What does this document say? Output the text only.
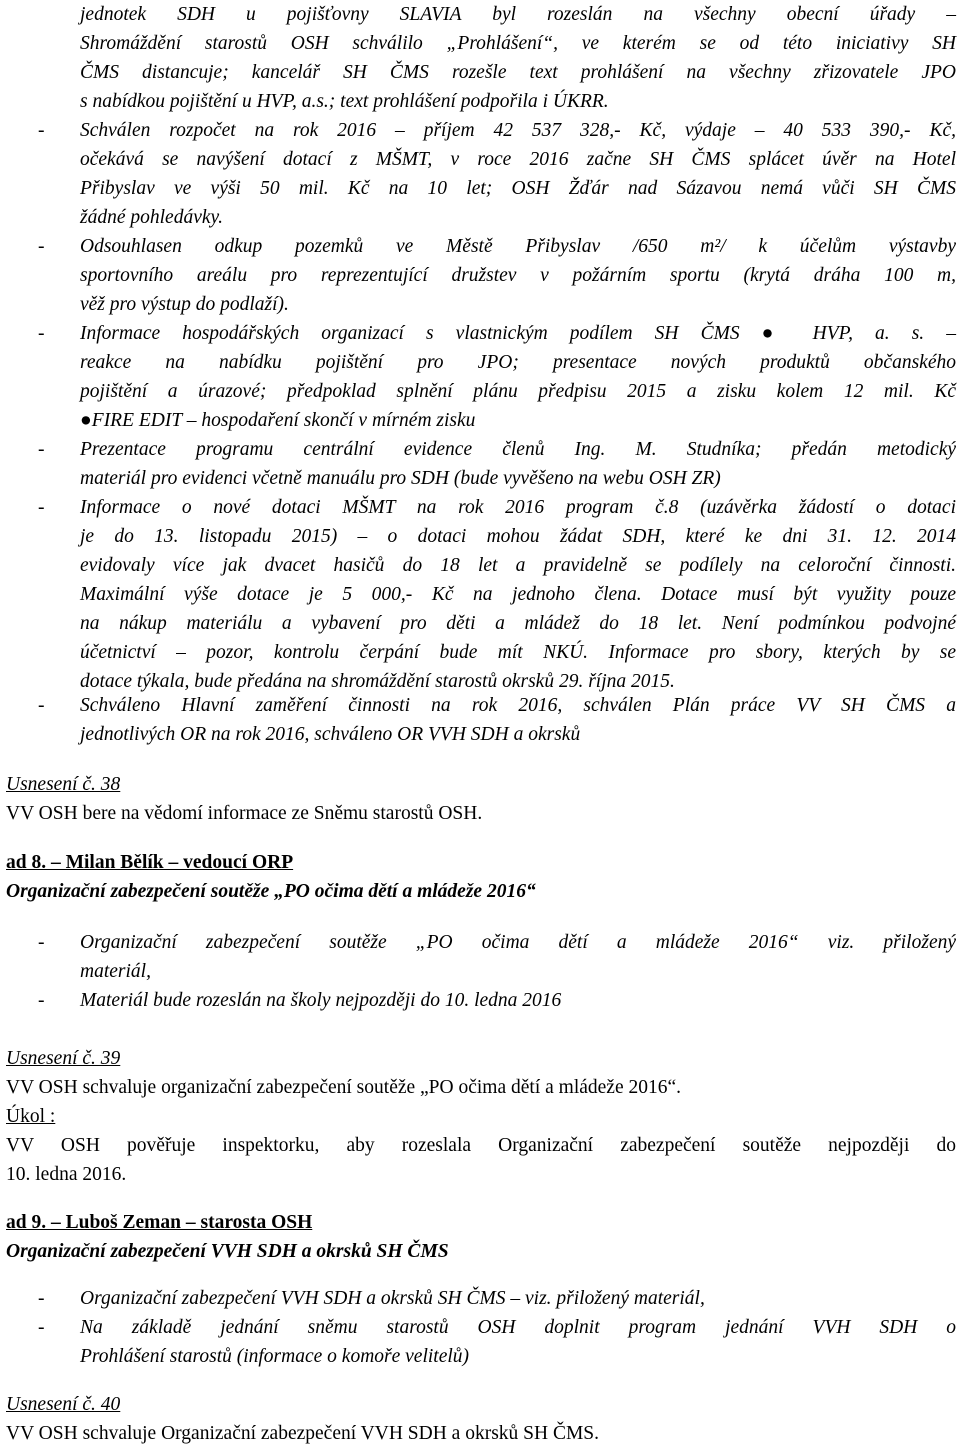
jednotek SDH u pojišťovny SLAVIA byl rozeslán na všechny obecní úřady –
Shromáždění starostů OSH schválilo „Prohlášení“, ve kterém se od této iniciativy SH
ČMS distancuje; kancelář SH ČMS rozešle text prohlášení na všechny zřizovatele JPO
s nabídkou pojištění u HVP, a.s.; text prohlášení podpořila i ÚKRR.
-	Schválen rozpočet na rok 2016 – příjem 42 537 328,- Kč, výdaje – 40 533 390,- Kč,
očekává se navýšení dotací z MŠMT, v roce 2016 začne SH ČMS splácet úvěr na Hotel
Přibyslav ve výši 50 mil. Kč na 10 let; OSH Žďár nad Sázavou nemá vůči SH ČMS
žádné pohledávky.
-	Odsouhlasen odkup pozemků ve Městě Přibyslav /650 m²/ k účelům výstavby
sportovního areálu pro reprezentující družstev v požárním sportu (krytá dráha 100 m,
věž pro výstup do podlaží).
-	Informace hospodářských organizací s vlastnickým podílem SH ČMS ● HVP, a. s. –
reakce na nabídku pojištění pro JPO; presentace nových produktů občanského
pojištění a úrazové; předpoklad splnění plánu předpisu 2015 a zisku kolem 12 mil. Kč
●FIRE EDIT – hospodaření skončí v mírném zisku
-	Prezentace programu centrální evidence členů Ing. M. Studníka; předán metodický
materiál pro evidenci včetně manuálu pro SDH (bude vyvěšeno na webu OSH ZR)
-	Informace o nové dotaci MŠMT na rok 2016 program č.8 (uzávěrka žádostí o dotaci
je do 13. listopadu 2015) – o dotaci mohou žádat SDH, které ke dni 31. 12. 2014
evidovaly více jak dvacet hasičů do 18 let a pravidelně se podílely na celoroční činnosti.
Maximální výše dotace je 5 000,- Kč na jednoho člena. Dotace musí být využity pouze
na nákup materiálu a vybavení pro děti a mládež do 18 let. Není podmínkou podvojné
účetnictví – pozor, kontrolu čerpání bude mít NKÚ. Informace pro sbory, kterých by se
dotace týkala, bude předána na shromáždění starostů okrsků 29. října 2015.
-	Schváleno Hlavní zaměření činnosti na rok 2016, schválen Plán práce VV SH ČMS a
jednotlivých OR na rok 2016, schváleno OR VVH SDH a okrsků
Usnesení č. 38
VV OSH bere na vědomí informace ze Sněmu starostů OSH.
ad 8. – Milan Bělík – vedoucí ORP
Organizační zabezpečení soutěže „PO očima dětí a mládeže 2016“
-	Organizační zabezpečení soutěže „PO očima dětí a mládeže 2016“ viz. přiložený
materiál,
-	Materiál bude rozeslán na školy nejpozději do 10. ledna 2016
Usnesení č. 39
VV OSH schvaluje organizační zabezpečení soutěže „PO očima dětí a mládeže 2016“.
Úkol :
VV OSH pověřuje inspektorku, aby rozeslala Organizační zabezpečení soutěže nejpozději do
10. ledna 2016.
ad 9. – Luboš Zeman – starosta OSH
Organizační zabezpečení VVH SDH a okrsků SH ČMS
-	Organizační zabezpečení VVH SDH a okrsků SH ČMS – viz. přiložený materiál,
-	Na základě jednání sněmu starostů OSH doplnit program jednání VVH SDH o
Prohlášení starostů (informace o komoře velitelů)
Usnesení č. 40
VV OSH schvaluje Organizační zabezpečení VVH SDH a okrsků SH ČMS.
